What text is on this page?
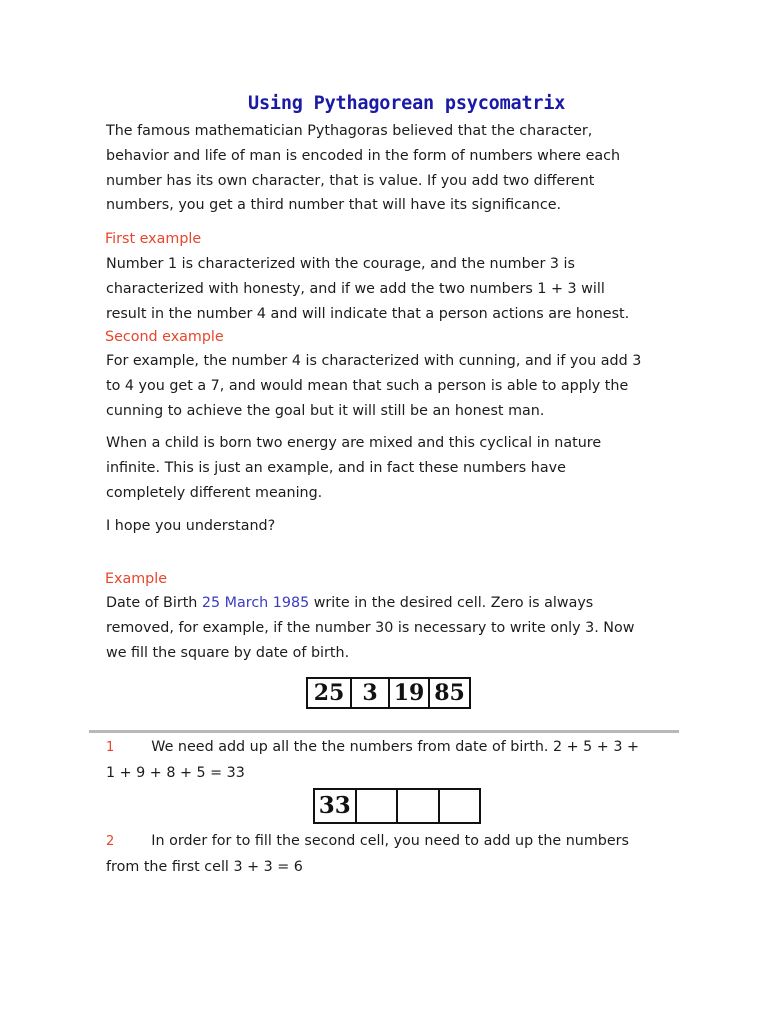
Using Pythagorean psycomatrix
The famous mathematician Pythagoras believed that the character,
behavior and life of man is encoded in the form of numbers where each
number has its own character, that is value. If you add two different
numbers, you get a third number that will have its significance.
First example
Number 1 is characterized with the courage, and the number 3 is
characterized with honesty, and if we add the two numbers 1 + 3 will
result in the number 4 and will indicate that a person actions are honest.
Second example
For example, the number 4 is characterized with cunning, and if you add 3
to 4 you get a 7, and would mean that such a person is able to apply the
cunning to achieve the goal but it will still be an honest man.
When a child is born two energy are mixed and this cyclical in nature
infinite. This is just an example, and in fact these numbers have
completely different meaning.
I hope you understand?
Example
Date of Birth 25 March 1985 write in the desired cell. Zero is always
removed, for example, if the number 30 is necessary to write only 3. Now
we fill the square by date of birth.
25 3 19 85
1	We need add up all the the numbers from date of birth. 2 + 5 + 3 +
1 + 9 + 8 + 5 = 33
33
2	In order for to fill the second cell, you need to add up the numbers
from the first cell 3 + 3 = 6
